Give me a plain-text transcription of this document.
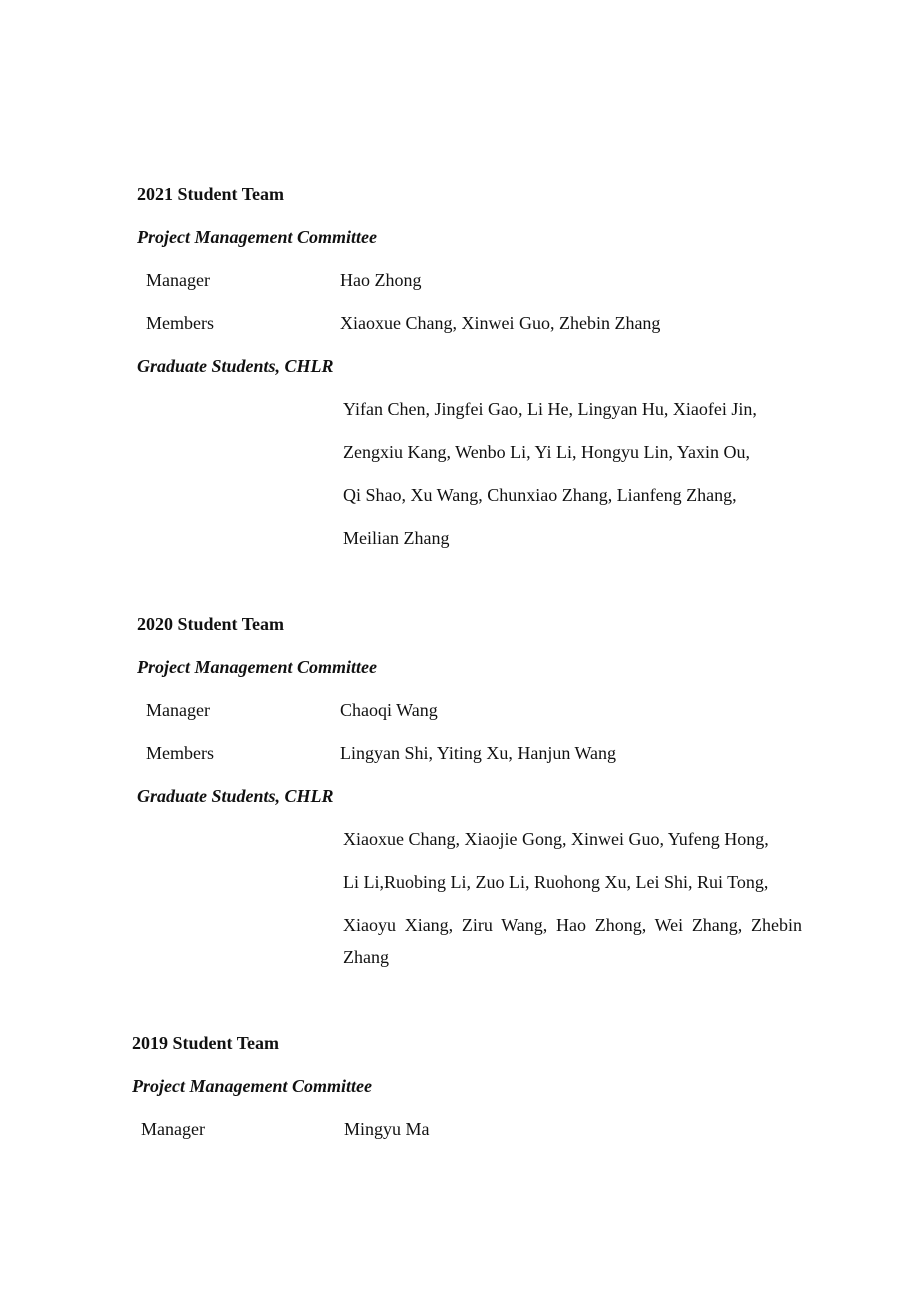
2021 Student Team
Project Management Committee
Manager	Hao Zhong
Members	Xiaoxue Chang, Xinwei Guo, Zhebin Zhang
Graduate Students, CHLR
Yifan Chen, Jingfei Gao, Li He, Lingyan Hu, Xiaofei Jin,
Zengxiu Kang, Wenbo Li, Yi Li, Hongyu Lin, Yaxin Ou,
Qi Shao, Xu Wang, Chunxiao Zhang, Lianfeng Zhang,
Meilian Zhang
2020 Student Team
Project Management Committee
Manager	Chaoqi Wang
Members	Lingyan Shi, Yiting Xu, Hanjun Wang
Graduate Students, CHLR
Xiaoxue Chang, Xiaojie Gong, Xinwei Guo, Yufeng Hong,
Li Li,Ruobing Li, Zuo Li, Ruohong Xu, Lei Shi, Rui Tong,
Xiaoyu Xiang, Ziru Wang, Hao Zhong, Wei Zhang, Zhebin
Zhang
2019 Student Team
Project Management Committee
Manager	Mingyu Ma
